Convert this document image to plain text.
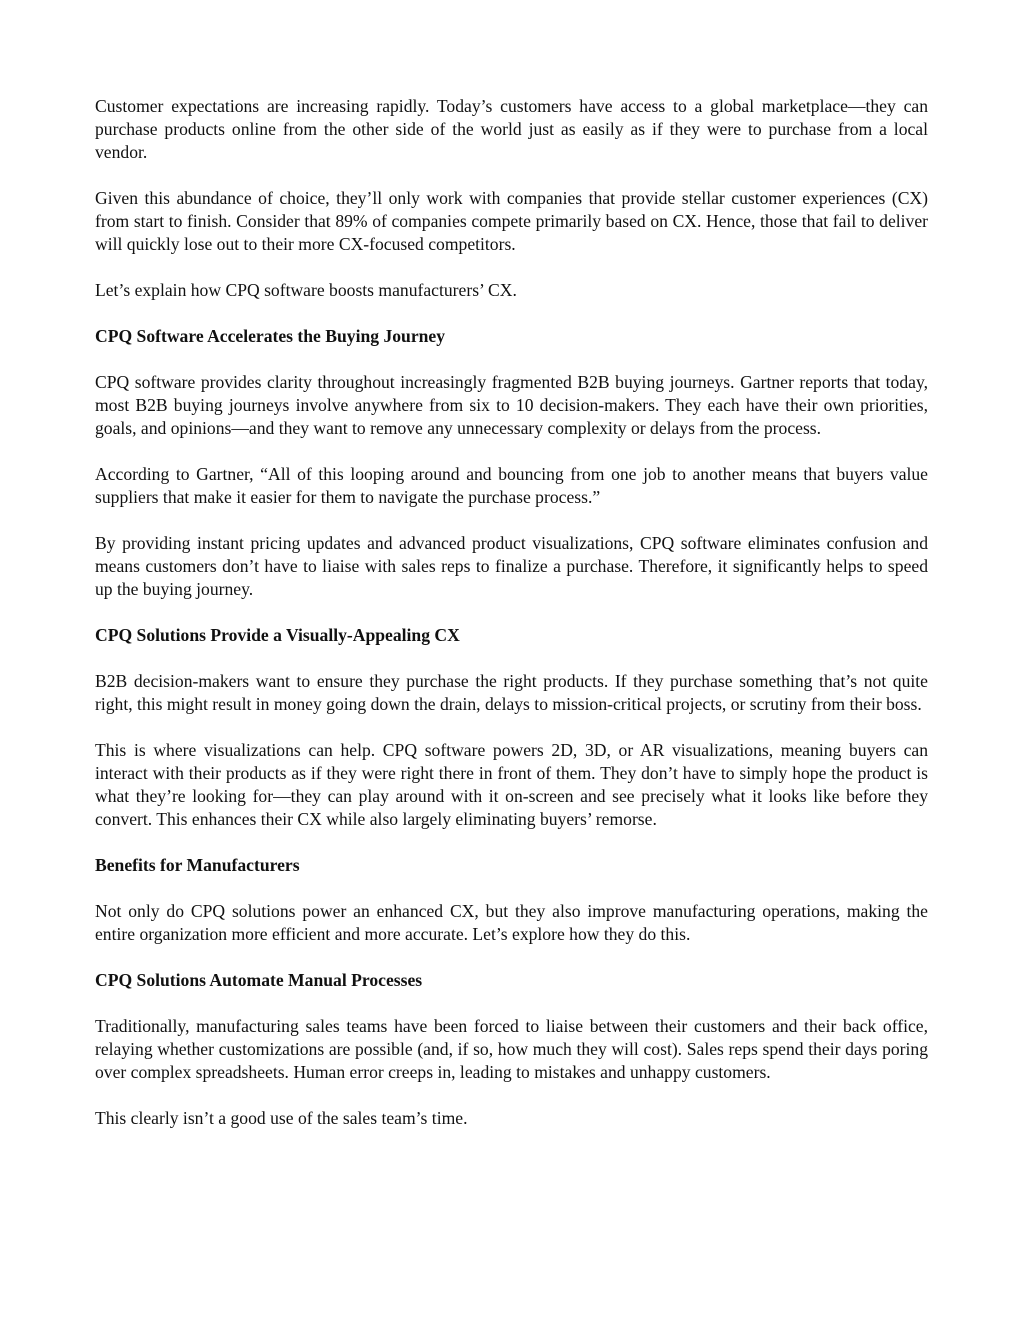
Customer expectations are increasing rapidly. Today’s customers have access to a global marketplace—they can purchase products online from the other side of the world just as easily as if they were to purchase from a local vendor.

Given this abundance of choice, they’ll only work with companies that provide stellar customer experiences (CX) from start to finish. Consider that 89% of companies compete primarily based on CX. Hence, those that fail to deliver will quickly lose out to their more CX-focused competitors.

Let’s explain how CPQ software boosts manufacturers’ CX.

CPQ Software Accelerates the Buying Journey

CPQ software provides clarity throughout increasingly fragmented B2B buying journeys. Gartner reports that today, most B2B buying journeys involve anywhere from six to 10 decision-makers. They each have their own priorities, goals, and opinions—and they want to remove any unnecessary complexity or delays from the process.

According to Gartner, “All of this looping around and bouncing from one job to another means that buyers value suppliers that make it easier for them to navigate the purchase process.”

By providing instant pricing updates and advanced product visualizations, CPQ software eliminates confusion and means customers don’t have to liaise with sales reps to finalize a purchase. Therefore, it significantly helps to speed up the buying journey.

CPQ Solutions Provide a Visually-Appealing CX

B2B decision-makers want to ensure they purchase the right products. If they purchase something that’s not quite right, this might result in money going down the drain, delays to mission-critical projects, or scrutiny from their boss.

This is where visualizations can help. CPQ software powers 2D, 3D, or AR visualizations, meaning buyers can interact with their products as if they were right there in front of them. They don’t have to simply hope the product is what they’re looking for—they can play around with it on-screen and see precisely what it looks like before they convert. This enhances their CX while also largely eliminating buyers’ remorse.

Benefits for Manufacturers

Not only do CPQ solutions power an enhanced CX, but they also improve manufacturing operations, making the entire organization more efficient and more accurate. Let’s explore how they do this.

CPQ Solutions Automate Manual Processes

Traditionally, manufacturing sales teams have been forced to liaise between their customers and their back office, relaying whether customizations are possible (and, if so, how much they will cost). Sales reps spend their days poring over complex spreadsheets. Human error creeps in, leading to mistakes and unhappy customers.

This clearly isn’t a good use of the sales team’s time.
